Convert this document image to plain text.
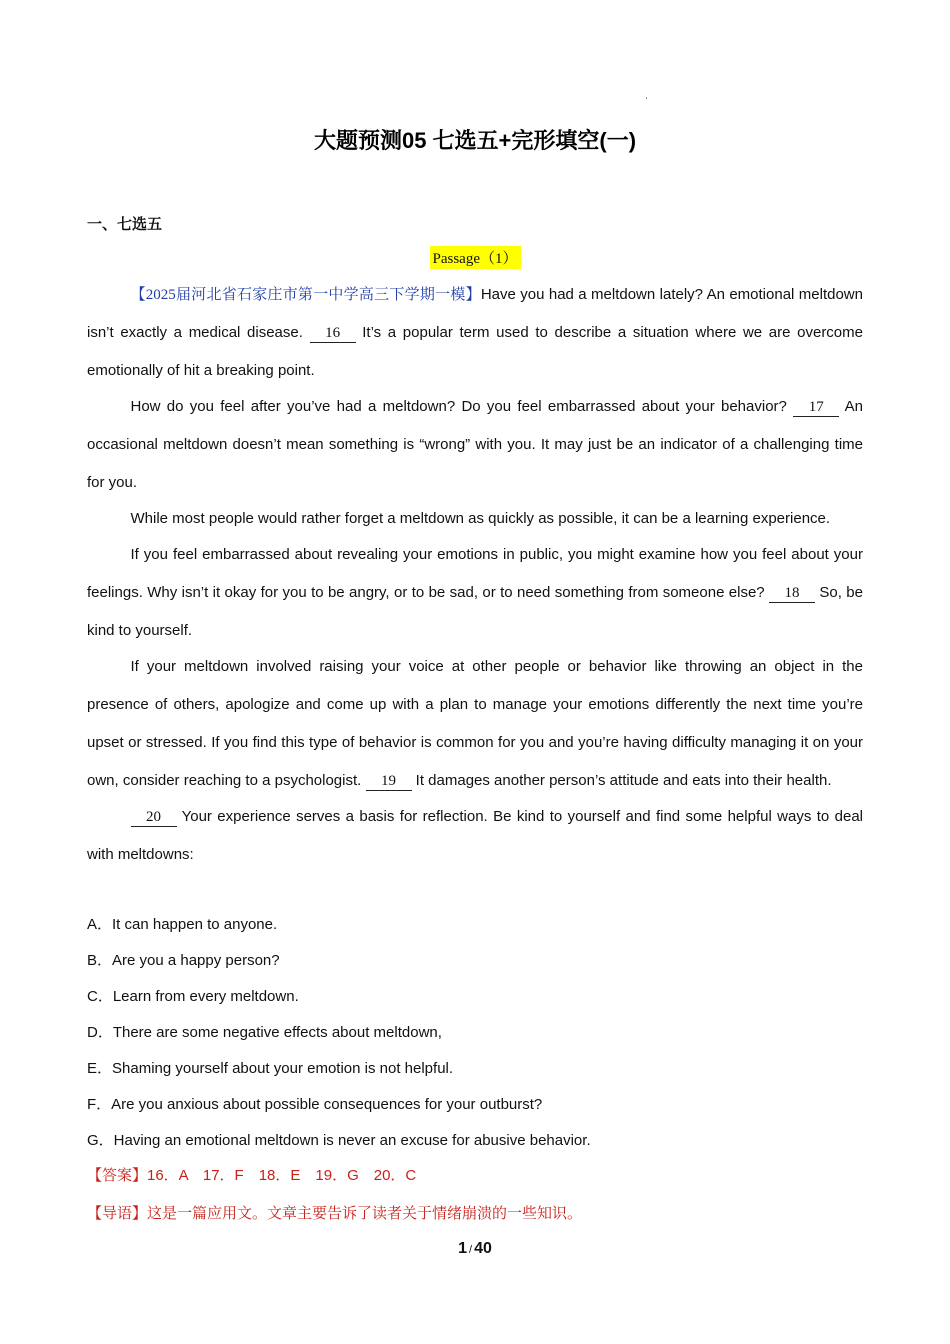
大题预测05 七选五+完形填空(一)
一、七选五
Passage（1）

【2025届河北省石家庄市第一中学高三下学期一模】Have you had a meltdown lately? An emotional meltdown isn’t exactly a medical disease. 16 It’s a popular term used to describe a situation where we are overcome emotionally of hit a breaking point.

How do you feel after you’ve had a meltdown? Do you feel embarrassed about your behavior? 17 An occasional meltdown doesn’t mean something is “wrong” with you. It may just be an indicator of a challenging time for you.

While most people would rather forget a meltdown as quickly as possible, it can be a learning experience.

If you feel embarrassed about revealing your emotions in public, you might examine how you feel about your feelings. Why isn’t it okay for you to be angry, or to be sad, or to need something from someone else? 18 So, be kind to yourself.

If your meltdown involved raising your voice at other people or behavior like throwing an object in the presence of others, apologize and come up with a plan to manage your emotions differently the next time you’re upset or stressed. If you find this type of behavior is common for you and you’re having difficulty managing it on your own, consider reaching to a psychologist. 19 It damages another person’s attitude and eats into their health.

20 Your experience serves a basis for reflection. Be kind to yourself and find some helpful ways to deal with meltdowns:

A．It can happen to anyone.
B．Are you a happy person?
C．Learn from every meltdown.
D．There are some negative effects about meltdown,
E．Shaming yourself about your emotion is not helpful.
F．Are you anxious about possible consequences for your outburst?
G．Having an emotional meltdown is never an excuse for abusive behavior.
【答案】16．A　17．F　18．E　19．G　20．C
【导语】这是一篇应用文。文章主要告诉了读者关于情绪崩溃的一些知识。
1 / 40
